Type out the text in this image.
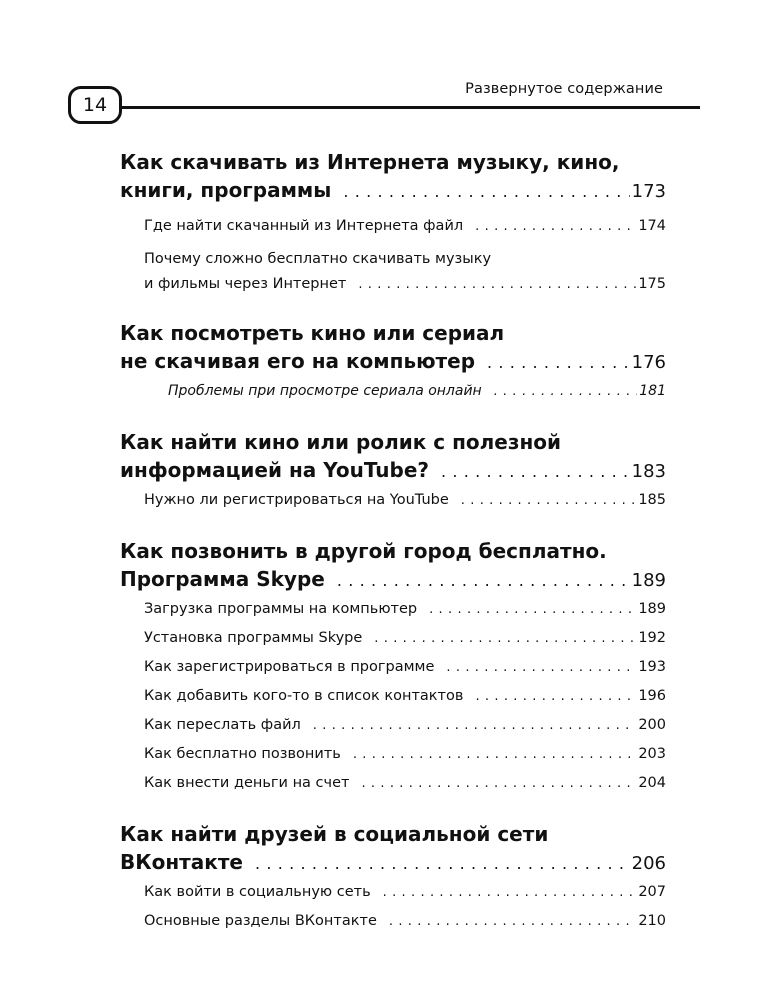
14
Развернутое содержание
Как скачивать из Интернета музыку, кино,
книги, программы . . .	173
Где найти скачанный из Интернета файл . . .	174
Почему сложно бесплатно скачивать музыку
и фильмы через Интернет . . .	175
Как посмотреть кино или сериал
не скачивая его на компьютер . . .	176
Проблемы при просмотре сериала онлайн . . .	181
Как найти кино или ролик с полезной
информацией на YouTube? . . .	183
Нужно ли регистрироваться на YouTube . . .	185
Как позвонить в другой город бесплатно.
Программа Skype . . .	189
Загрузка программы на компьютер . . .	189
Установка программы Skype . . .	192
Как зарегистрироваться в программе . . .	193
Как добавить кого-то в список контактов . . .	196
Как переслать файл . . .	200
Как бесплатно позвонить . . .	203
Как внести деньги на счет . . .	204
Как найти друзей в социальной сети
ВКонтакте . . .	206
Как войти в социальную сеть . . .	207
Основные разделы ВКонтакте . . .	210
